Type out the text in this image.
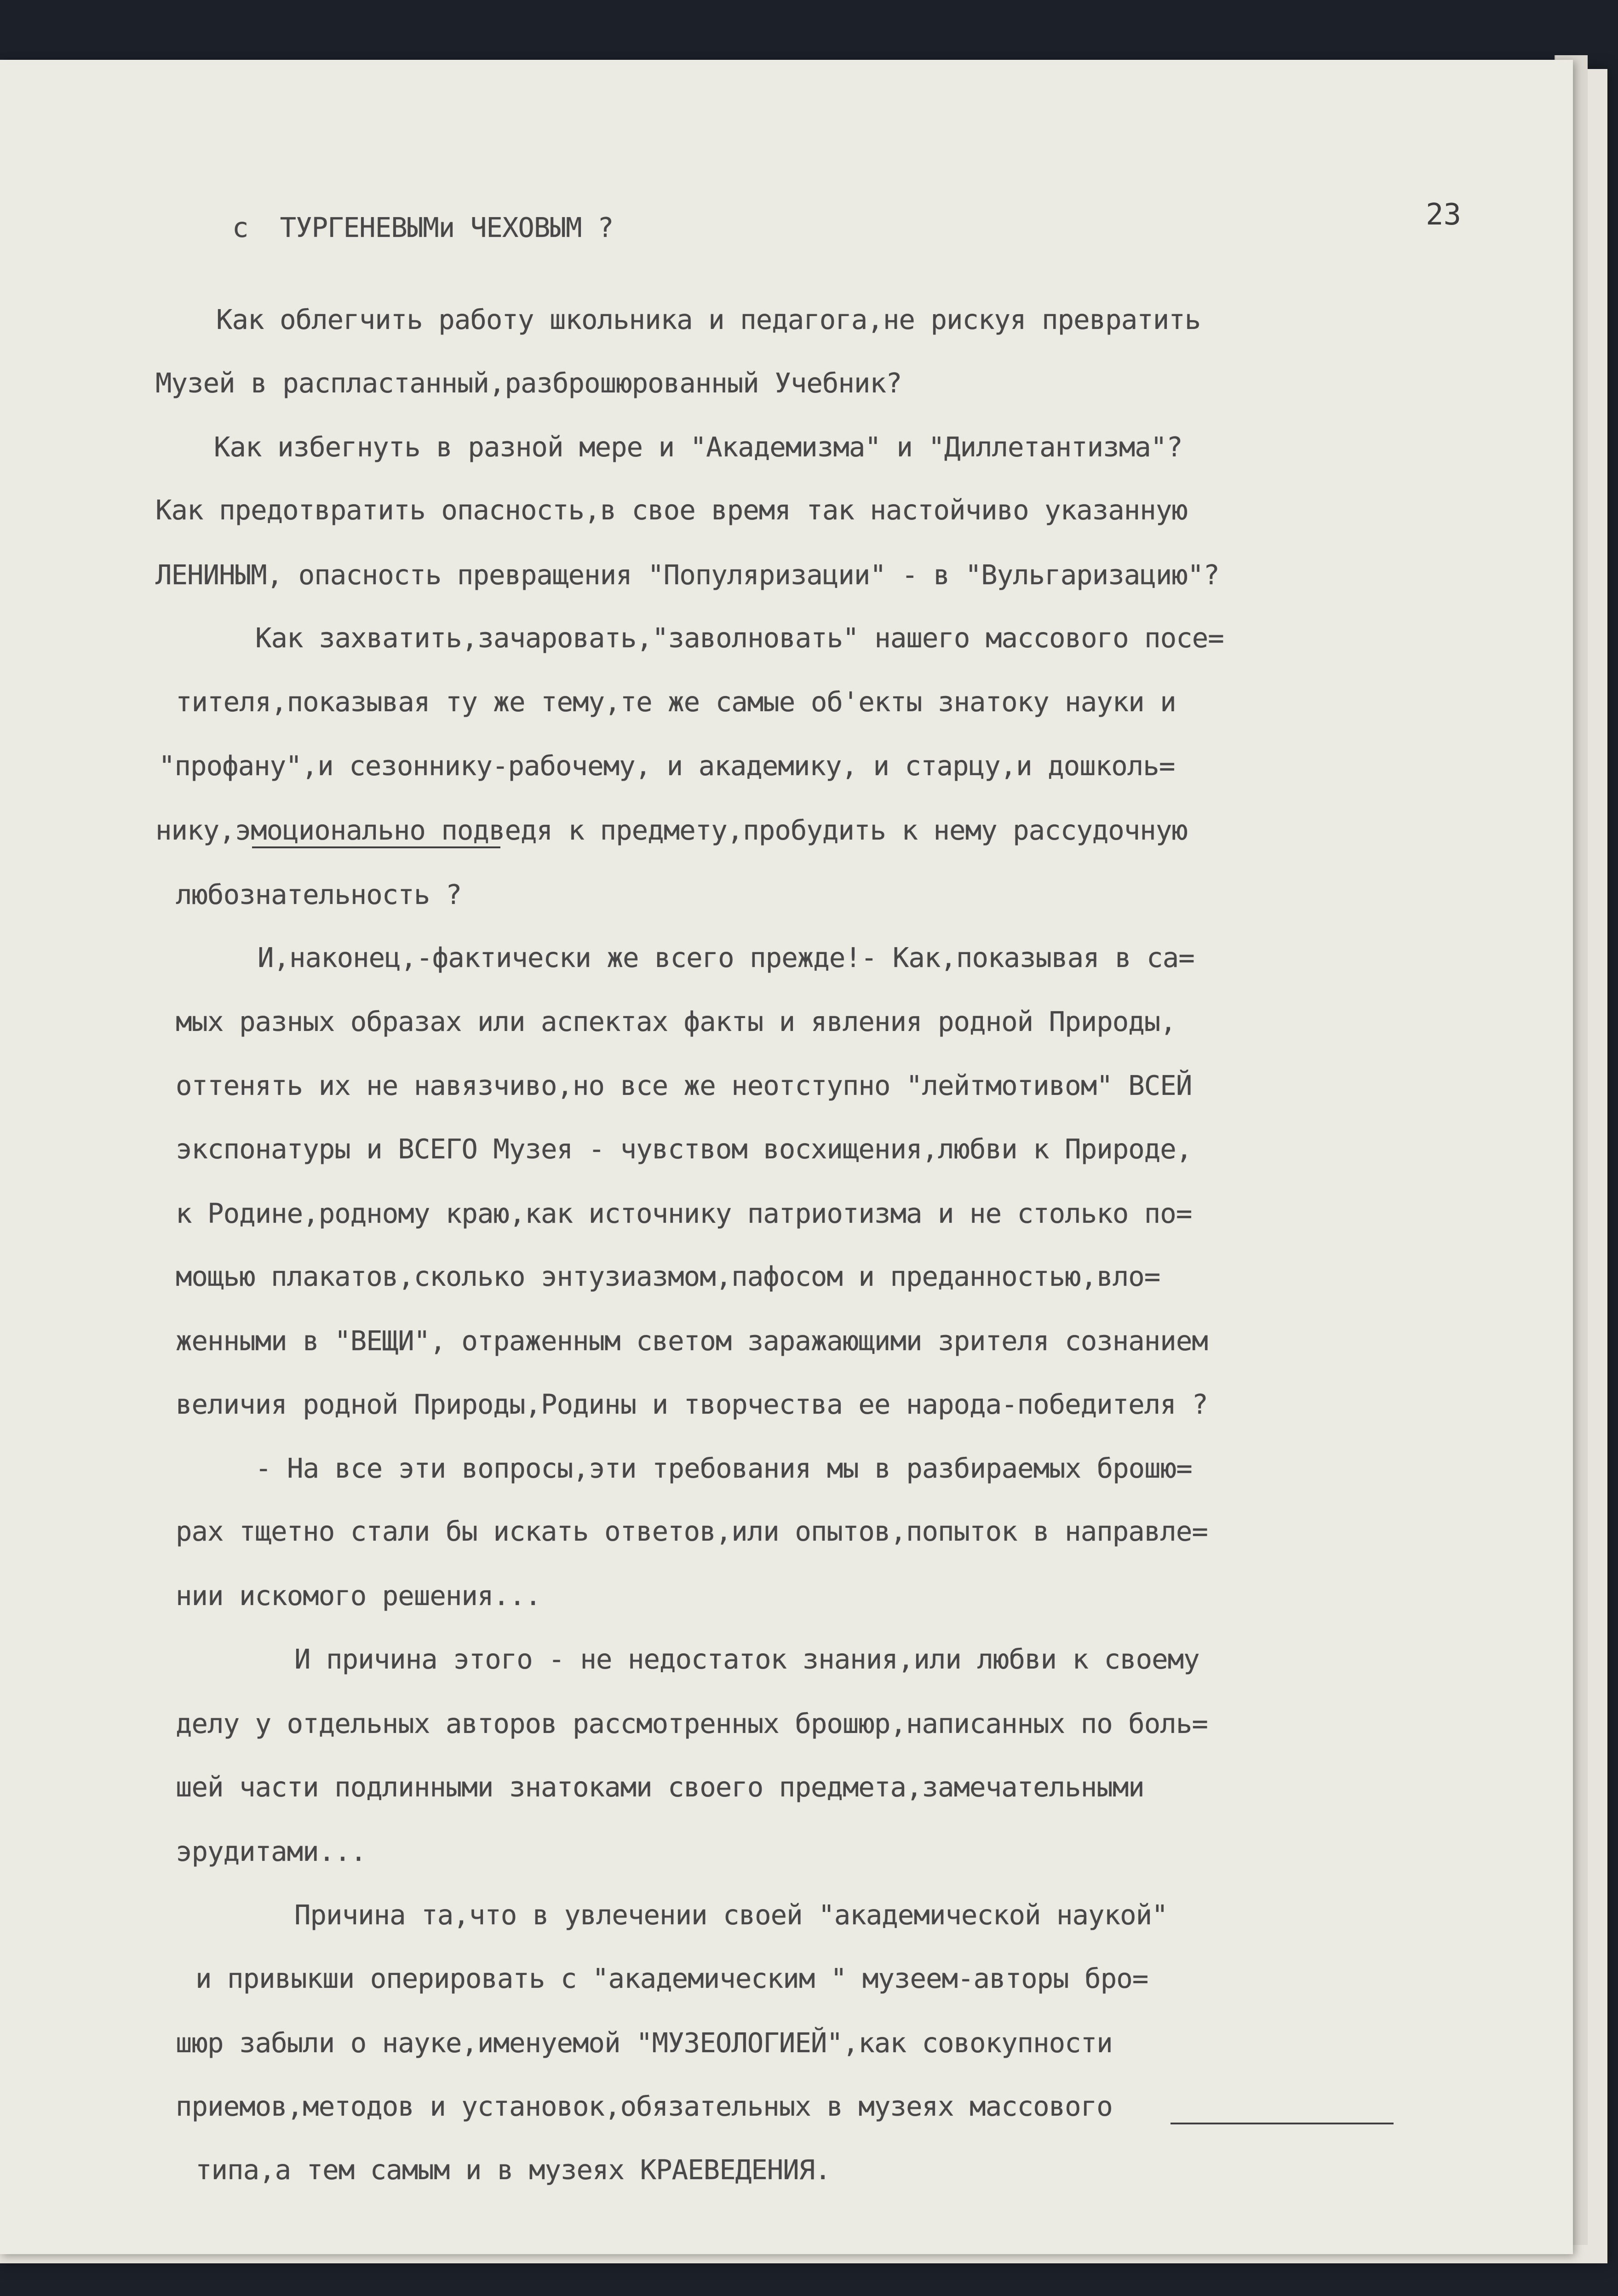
23

с  ТУРГЕНЕВЫМи ЧЕХОВЫМ ?

Как облегчить работу школьника и педагога,не рискуя превратить

Музей в распластанный,разброшюрованный Учебник?

Как избегнуть в разной мере и "Академизма" и "Диллетантизма"?

Как предотвратить опасность,в свое время так настойчиво указанную

ЛЕНИНЫМ, опасность превращения "Популяризации" - в "Вульгаризацию"?

Как захватить,зачаровать,"заволновать" нашего массового посе=

тителя,показывая ту же тему,те же самые об'екты знатоку науки и

"профану",и сезоннику-рабочему, и академику, и старцу,и дошколь=

нику,эмоционально подведя к предмету,пробудить к нему рассудочную

любознательность ?

И,наконец,-фактически же всего прежде!- Как,показывая в са=

мых разных образах или аспектах факты и явления родной Природы,

оттенять их не навязчиво,но все же неотступно "лейтмотивом" ВСЕЙ

экспонатуры и ВСЕГО Музея - чувством восхищения,любви к Природе,

к Родине,родному краю,как источнику патриотизма и не столько по=

мощью плакатов,сколько энтузиазмом,пафосом и преданностью,вло=

женными в "ВЕЩИ", отраженным светом заражающими зрителя сознанием

величия родной Природы,Родины и творчества ее народа-победителя ?

- На все эти вопросы,эти требования мы в разбираемых брошю=

рах тщетно стали бы искать ответов,или опытов,попыток в направле=

нии искомого решения...

И причина этого - не недостаток знания,или любви к своему

делу у отдельных авторов рассмотренных брошюр,написанных по боль=

шей части подлинными знатоками своего предмета,замечательными

эрудитами...

Причина та,что в увлечении своей "академической наукой"

и привыкши оперировать с "академическим " музеем-авторы бро=

шюр забыли о науке,именуемой "МУЗЕОЛОГИЕЙ",как совокупности

приемов,методов и установок,обязательных в музеях массового

типа,а тем самым и в музеях КРАЕВЕДЕНИЯ.
